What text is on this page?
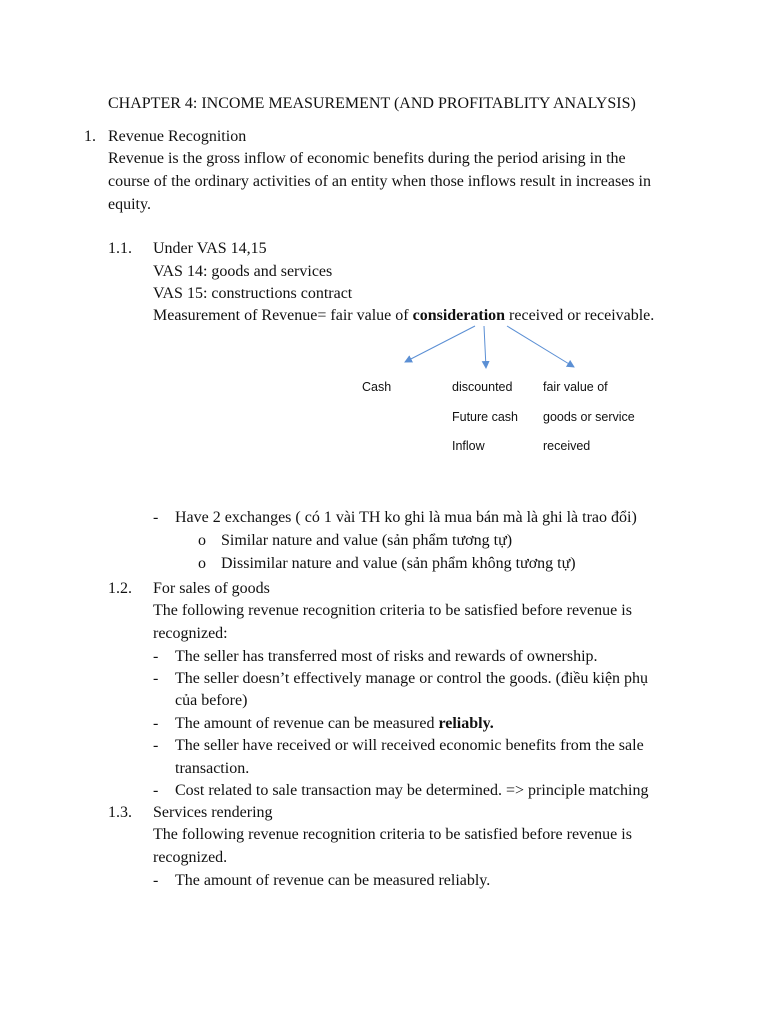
CHAPTER 4: INCOME MEASUREMENT (AND PROFITABLITY ANALYSIS)
1. Revenue Recognition
Revenue is the gross inflow of economic benefits during the period arising in the
course of the ordinary activities of an entity when those inflows result in increases in
equity.
1.1. Under VAS 14,15
VAS 14: goods and services
VAS 15: constructions contract
Measurement of Revenue= fair value of consideration received or receivable.
Cash	discounted
Future cash
Inflow
fair value of
goods or service
received
- Have 2 exchanges ( có 1 vài TH ko ghi là mua bán mà là ghi là trao đổi)
o Similar nature and value (sản phẩm tương tự)
o Dissimilar nature and value (sản phẩm không tương tự)
1.2. For sales of goods
The following revenue recognition criteria to be satisfied before revenue is
recognized:
- The seller has transferred most of risks and rewards of ownership.
- The seller doesn’t effectively manage or control the goods. (điều kiện phụ
của before)
- The amount of revenue can be measured reliably.
- The seller have received or will received economic benefits from the sale
transaction.
- Cost related to sale transaction may be determined. => principle matching
1.3. Services rendering
The following revenue recognition criteria to be satisfied before revenue is
recognized.
- The amount of revenue can be measured reliably.
